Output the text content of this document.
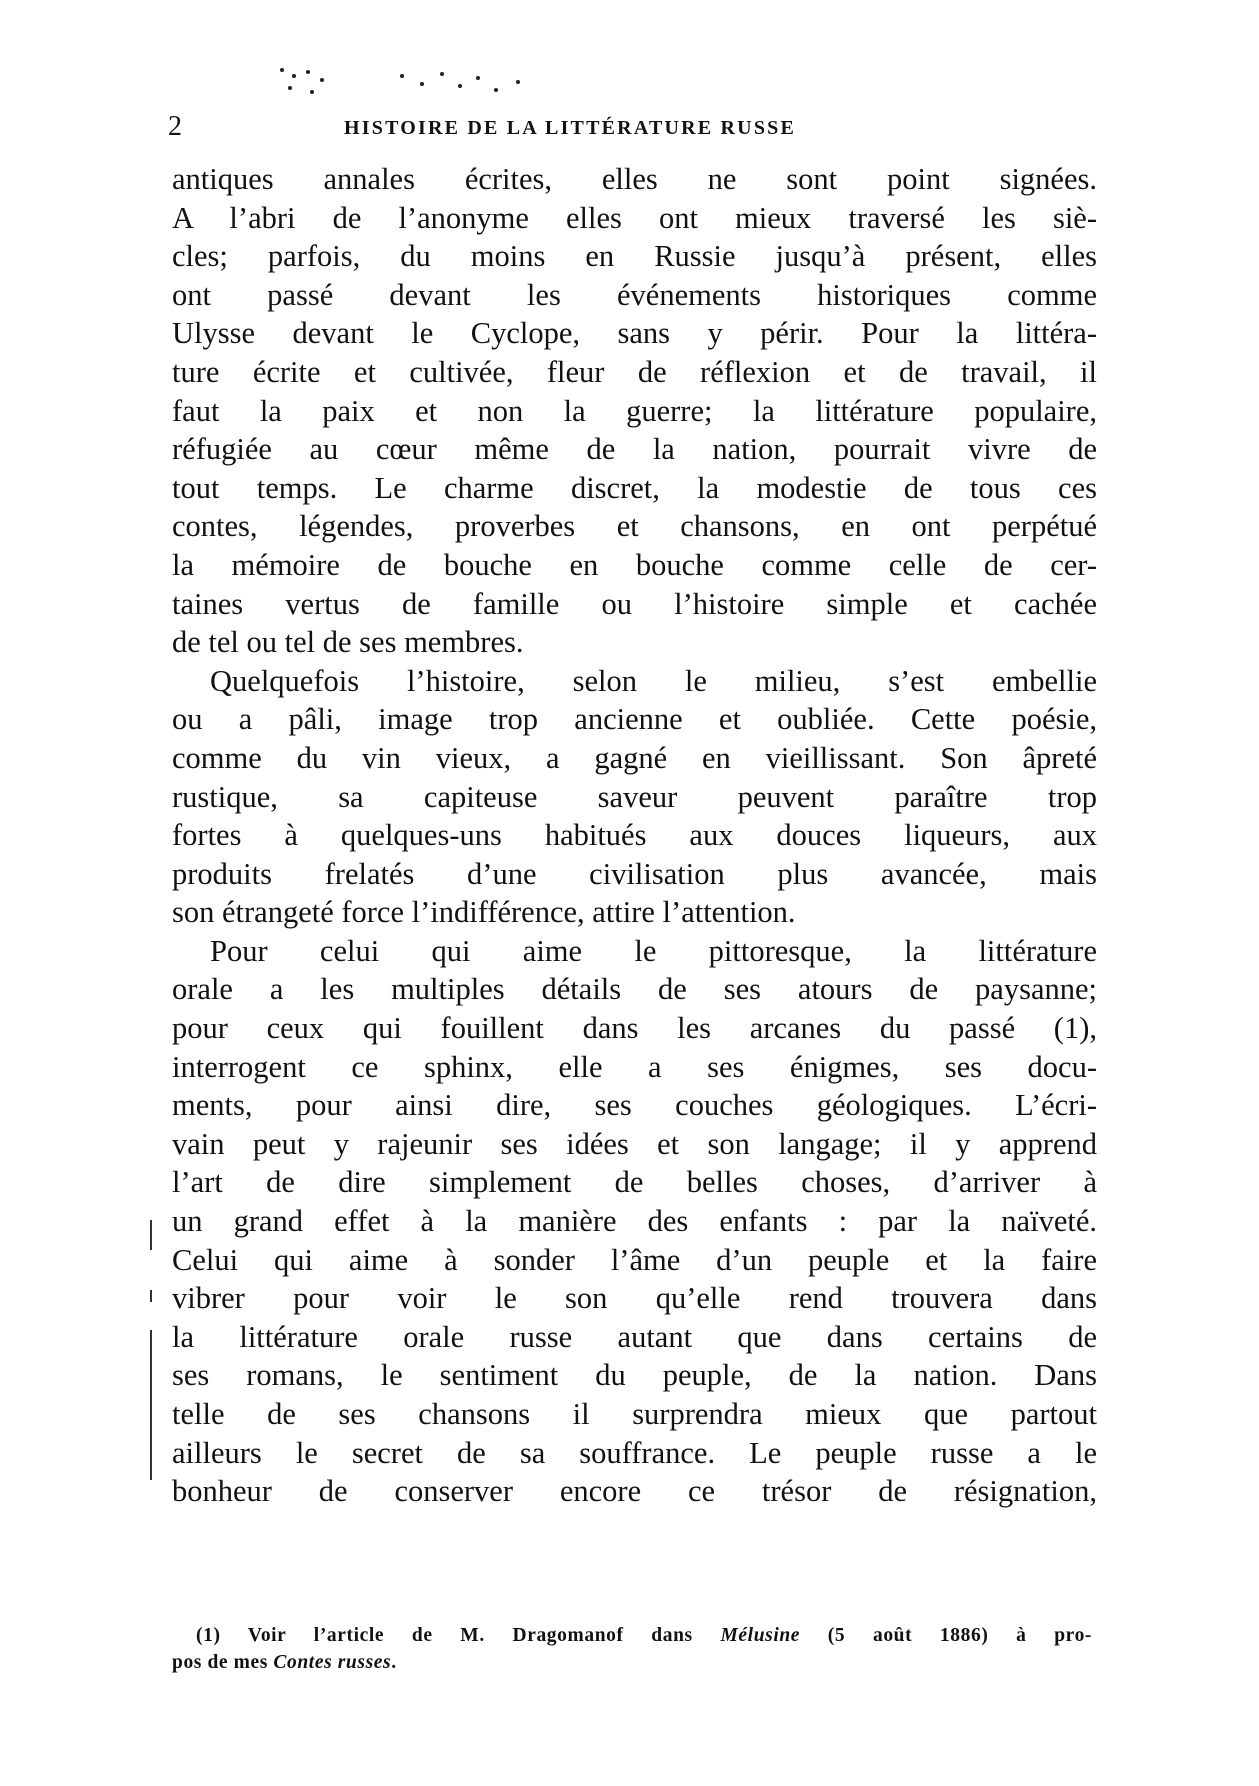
2	HISTOIRE DE LA LITTÉRATURE RUSSE
antiques annales écrites, elles ne sont point signées.
A l’abri de l’anonyme elles ont mieux traversé les siè-
cles; parfois, du moins en Russie jusqu’à présent, elles
ont passé devant les événements historiques comme
Ulysse devant le Cyclope, sans y périr. Pour la littéra-
ture écrite et cultivée, fleur de réflexion et de travail, il
faut la paix et non la guerre; la littérature populaire,
réfugiée au cœur même de la nation, pourrait vivre de
tout temps. Le charme discret, la modestie de tous ces
contes, légendes, proverbes et chansons, en ont perpétué
la mémoire de bouche en bouche comme celle de cer-
taines vertus de famille ou l’histoire simple et cachée
de tel ou tel de ses membres.
Quelquefois l’histoire, selon le milieu, s’est embellie
ou a pâli, image trop ancienne et oubliée. Cette poésie,
comme du vin vieux, a gagné en vieillissant. Son âpreté
rustique, sa capiteuse saveur peuvent paraître trop
fortes à quelques-uns habitués aux douces liqueurs, aux
produits frelatés d’une civilisation plus avancée, mais
son étrangeté force l’indifférence, attire l’attention.
Pour celui qui aime le pittoresque, la littérature
orale a les multiples détails de ses atours de paysanne;
pour ceux qui fouillent dans les arcanes du passé (1),
interrogent ce sphinx, elle a ses énigmes, ses docu-
ments, pour ainsi dire, ses couches géologiques. L’écri-
vain peut y rajeunir ses idées et son langage; il y apprend
l’art de dire simplement de belles choses, d’arriver à
un grand effet à la manière des enfants : par la naïveté.
Celui qui aime à sonder l’âme d’un peuple et la faire
vibrer pour voir le son qu’elle rend trouvera dans
la littérature orale russe autant que dans certains de
ses romans, le sentiment du peuple, de la nation. Dans
telle de ses chansons il surprendra mieux que partout
ailleurs le secret de sa souffrance. Le peuple russe a le
bonheur de conserver encore ce trésor de résignation,
(1) Voir l’article de M. Dragomanof dans Mélusine (5 août 1886) à pro-
pos de mes Contes russes.
